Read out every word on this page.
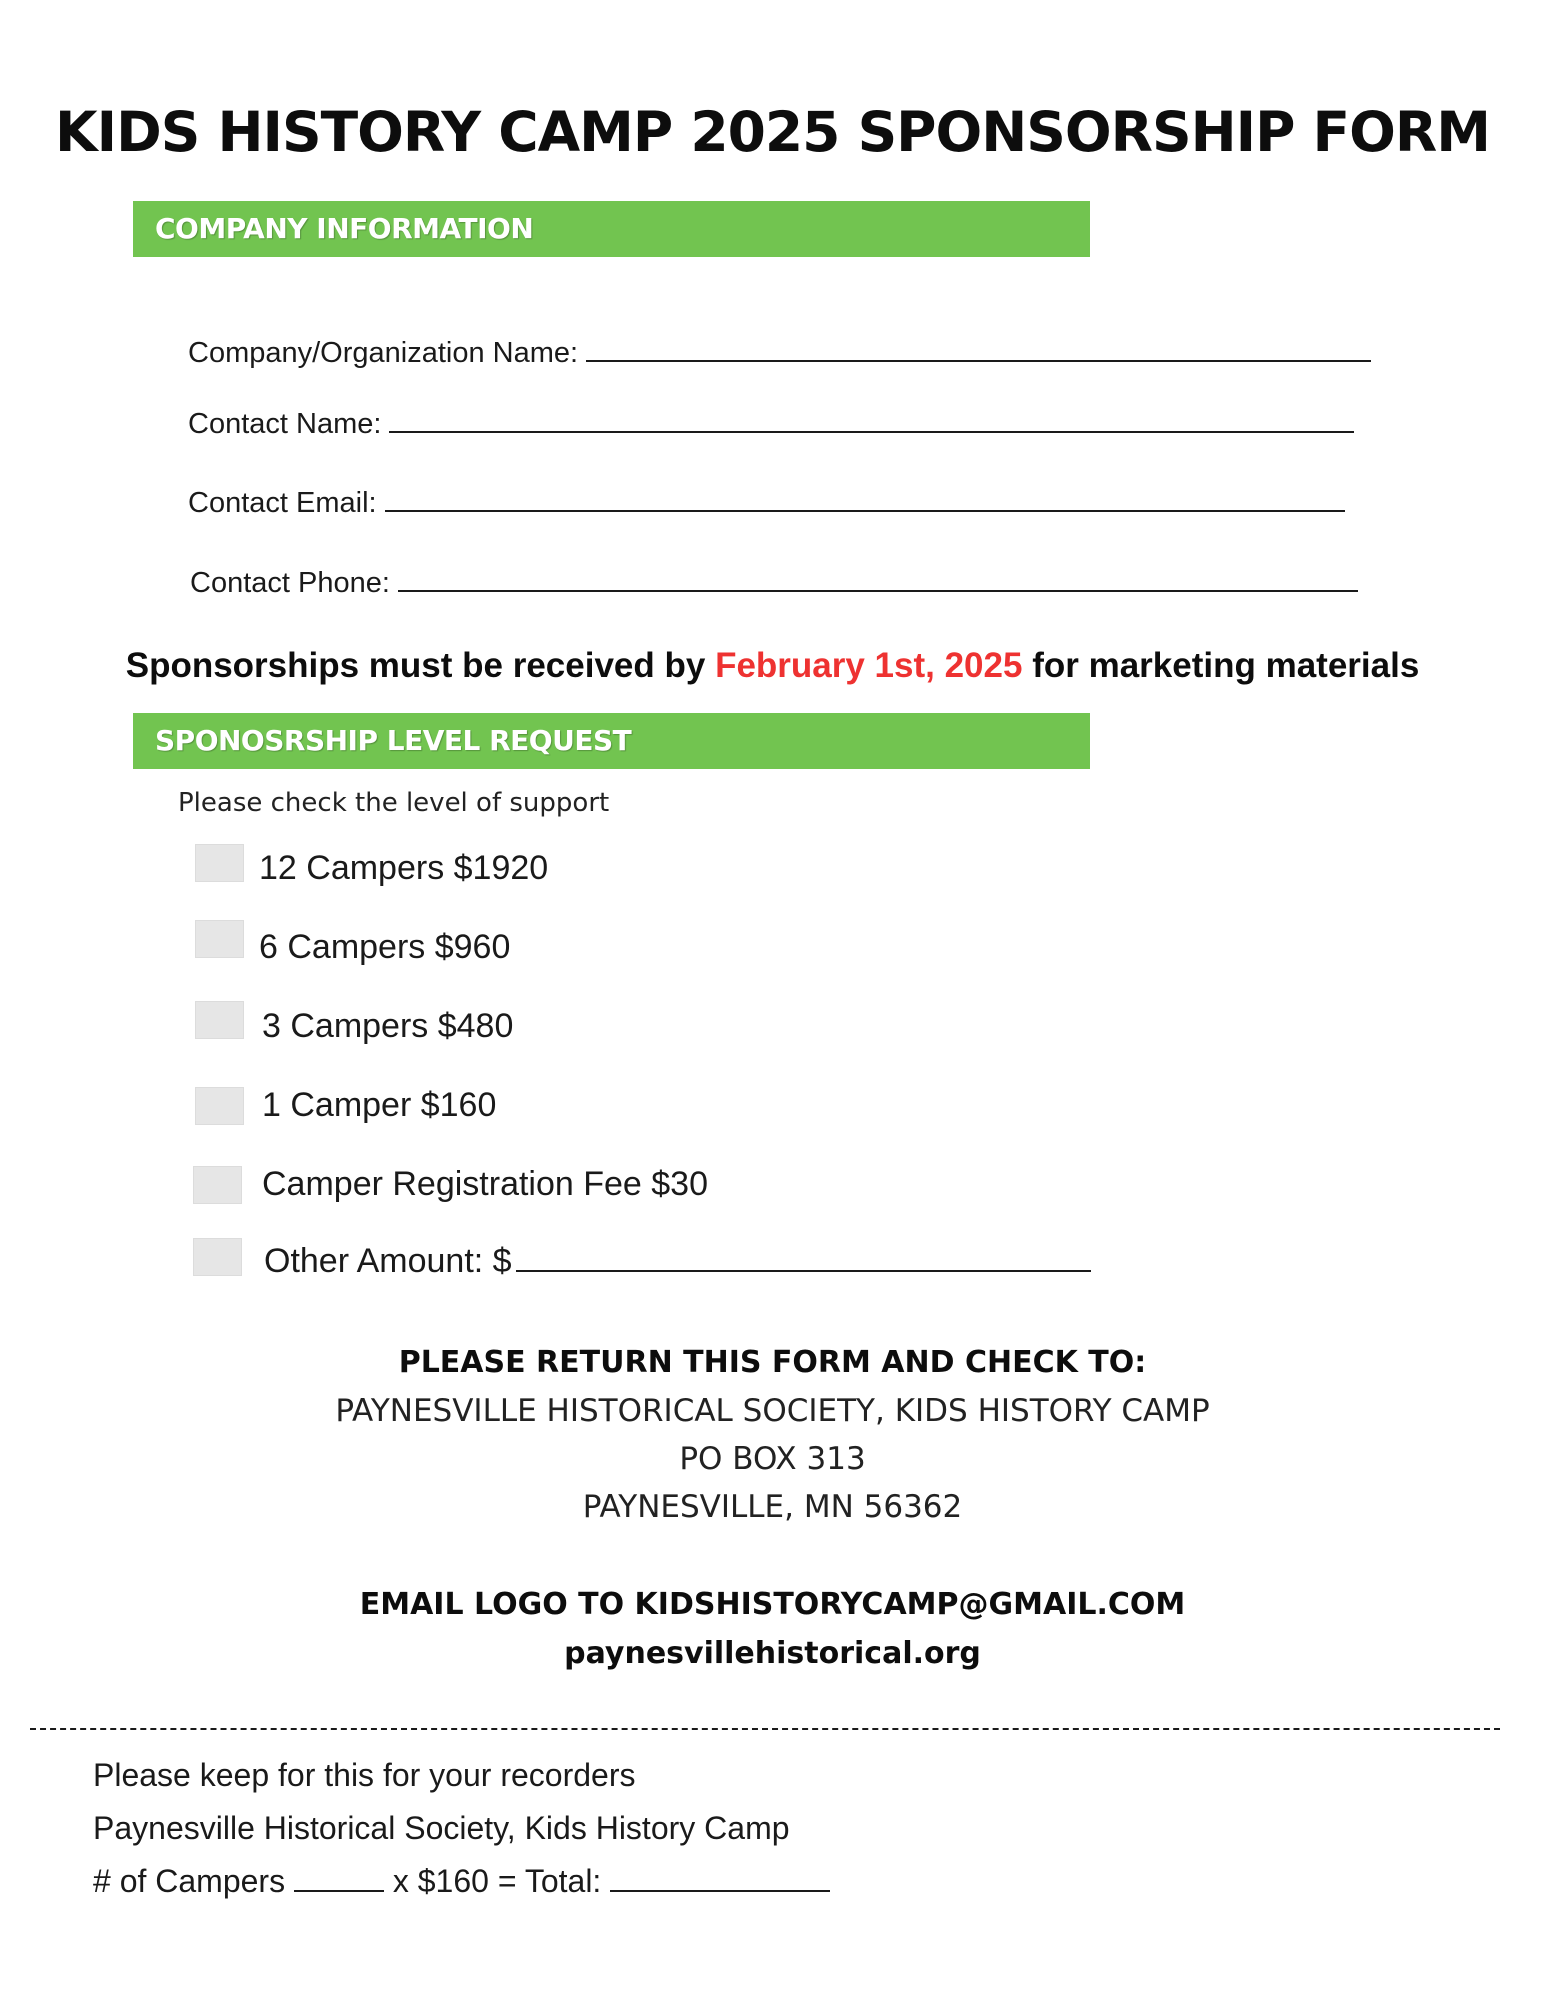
KIDS HISTORY CAMP 2025 SPONSORSHIP FORM
COMPANY INFORMATION
Company/Organization Name:
Contact Name:
Contact Email:
Contact Phone:
Sponsorships must be received by February 1st, 2025 for marketing materials
SPONOSRSHIP LEVEL REQUEST
Please check the level of support
12 Campers $1920
6 Campers $960
3 Campers $480
1 Camper $160
Camper Registration Fee $30
Other Amount: $
PLEASE RETURN THIS FORM AND CHECK TO:
PAYNESVILLE HISTORICAL SOCIETY, KIDS HISTORY CAMP
PO BOX 313
PAYNESVILLE, MN 56362
EMAIL LOGO TO KIDSHISTORYCAMP@GMAIL.COM
paynesvillehistorical.org
Please keep for this for your recorders
Paynesville Historical Society, Kids History Camp
# of Campers	x $160 = Total:
